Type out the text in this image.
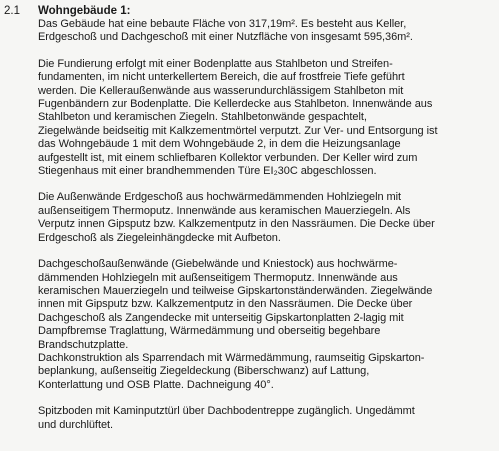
2.1 Wohngebäude 1:

Das Gebäude hat eine bebaute Fläche von 317,19m². Es besteht aus Keller,
Erdgeschoß und Dachgeschoß mit einer Nutzfläche von insgesamt 595,36m².

Die Fundierung erfolgt mit einer Bodenplatte aus Stahlbeton und Streifen-
fundamenten, im nicht unterkellertem Bereich, die auf frostfreie Tiefe geführt
werden. Die Kelleraußenwände aus wasserundurchlässigem Stahlbeton mit
Fugenbändern zur Bodenplatte. Die Kellerdecke aus Stahlbeton. Innenwände aus
Stahlbeton und keramischen Ziegeln. Stahlbetonwände gespachtelt,
Ziegelwände beidseitig mit Kalkzementmörtel verputzt. Zur Ver- und Entsorgung ist
das Wohngebäude 1 mit dem Wohngebäude 2, in dem die Heizungsanlage
aufgestellt ist, mit einem schliefbaren Kollektor verbunden. Der Keller wird zum
Stiegenhaus mit einer brandhemmenden Türe EI₂30C abgeschlossen.

Die Außenwände Erdgeschoß aus hochwärmedämmenden Hohlziegeln mit
außenseitigem Thermoputz. Innenwände aus keramischen Mauerziegeln. Als
Verputz innen Gipsputz bzw. Kalkzementputz in den Nassräumen. Die Decke über
Erdgeschoß als Ziegeleinhängdecke mit Aufbeton.

Dachgeschoßaußenwände (Giebelwände und Kniestock) aus hochwärme-
dämmenden Hohlziegeln mit außenseitigem Thermoputz. Innenwände aus
keramischen Mauerziegeln und teilweise Gipskartonständerwänden. Ziegelwände
innen mit Gipsputz bzw. Kalkzementputz in den Nassräumen. Die Decke über
Dachgeschoß als Zangendecke mit unterseitig Gipskartonplatten 2-lagig mit
Dampfbremse Traglattung, Wärmedämmung und oberseitig begehbare
Brandschutzplatte.

Dachkonstruktion als Sparrendach mit Wärmedämmung, raumseitig Gipskarton-
beplankung, außenseitig Ziegeldeckung (Biberschwanz) auf Lattung,
Konterlattung und OSB Platte. Dachneigung 40°.

Spitzboden mit Kaminputztürl über Dachbodentreppe zugänglich. Ungedämmt
und durchlüftet.
